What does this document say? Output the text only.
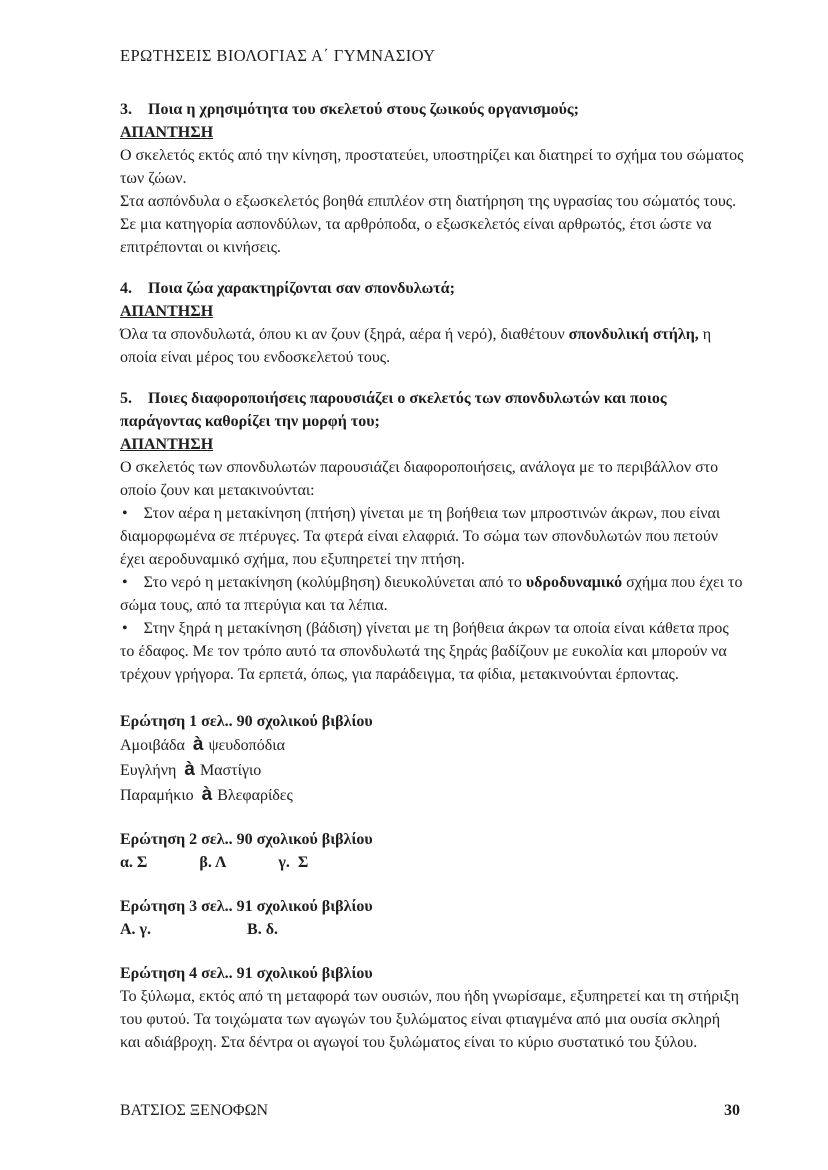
ΕΡΩΤΗΣΕΙΣ ΒΙΟΛΟΓΙΑΣ Α΄ ΓΥΜΝΑΣΙΟΥ

3. Ποια η χρησιμότητα του σκελετού στους ζωικούς οργανισμούς;

ΑΠΑΝΤΗΣΗ

Ο σκελετός εκτός από την κίνηση, προστατεύει, υποστηρίζει και διατηρεί το σχήμα του σώματος των ζώων.

Στα ασπόνδυλα ο εξωσκελετός βοηθά επιπλέον στη διατήρηση της υγρασίας του σώματός τους. Σε μια κατηγορία ασπονδύλων, τα αρθρόποδα, ο εξωσκελετός είναι αρθρωτός, έτσι ώστε να επιτρέπονται οι κινήσεις.

4. Ποια ζώα χαρακτηρίζονται σαν σπονδυλωτά;

ΑΠΑΝΤΗΣΗ

Όλα τα σπονδυλωτά, όπου κι αν ζουν (ξηρά, αέρα ή νερό), διαθέτουν σπονδυλική στήλη, η οποία είναι μέρος του ενδοσκελετού τους.

5. Ποιες διαφοροποιήσεις παρουσιάζει ο σκελετός των σπονδυλωτών και ποιος παράγοντας καθορίζει την μορφή του;

ΑΠΑΝΤΗΣΗ

Ο σκελετός των σπονδυλωτών παρουσιάζει διαφοροποιήσεις, ανάλογα με το περιβάλλον στο οποίο ζουν και μετακινούνται:

• Στον αέρα η μετακίνηση (πτήση) γίνεται με τη βοήθεια των μπροστινών άκρων, που είναι διαμορφωμένα σε πτέρυγες. Τα φτερά είναι ελαφριά. Το σώμα των σπονδυλωτών που πετούν έχει αεροδυναμικό σχήμα, που εξυπηρετεί την πτήση.

• Στο νερό η μετακίνηση (κολύμβηση) διευκολύνεται από το υδροδυναμικό σχήμα που έχει το σώμα τους, από τα πτερύγια και τα λέπια.

• Στην ξηρά η μετακίνηση (βάδιση) γίνεται με τη βοήθεια άκρων τα οποία είναι κάθετα προς το έδαφος. Με τον τρόπο αυτό τα σπονδυλωτά της ξηράς βαδίζουν με ευκολία και μπορούν να τρέχουν γρήγορα. Τα ερπετά, όπως, για παράδειγμα, τα φίδια, μετακινούνται έρποντας.

Ερώτηση 1 σελ.. 90 σχολικού βιβλίου

Αμοιβάδα à ψευδοπόδια

Ευγλήνη à Μαστίγιο

Παραμήκιο à Βλεφαρίδες

Ερώτηση 2 σελ.. 90 σχολικού βιβλίου

α. Σ	β. Λ	γ.  Σ

Ερώτηση 3 σελ.. 91 σχολικού βιβλίου

Α. γ.	Β. δ.

Ερώτηση 4 σελ.. 91 σχολικού βιβλίου

Το ξύλωμα, εκτός από τη μεταφορά των ουσιών, που ήδη γνωρίσαμε, εξυπηρετεί και τη στήριξη του φυτού. Τα τοιχώματα των αγωγών του ξυλώματος είναι φτιαγμένα από μια ουσία σκληρή και αδιάβροχη. Στα δέντρα οι αγωγοί του ξυλώματος είναι το κύριο συστατικό του ξύλου.

ΒΑΤΣΙΟΣ ΞΕΝΟΦΩΝ	30
